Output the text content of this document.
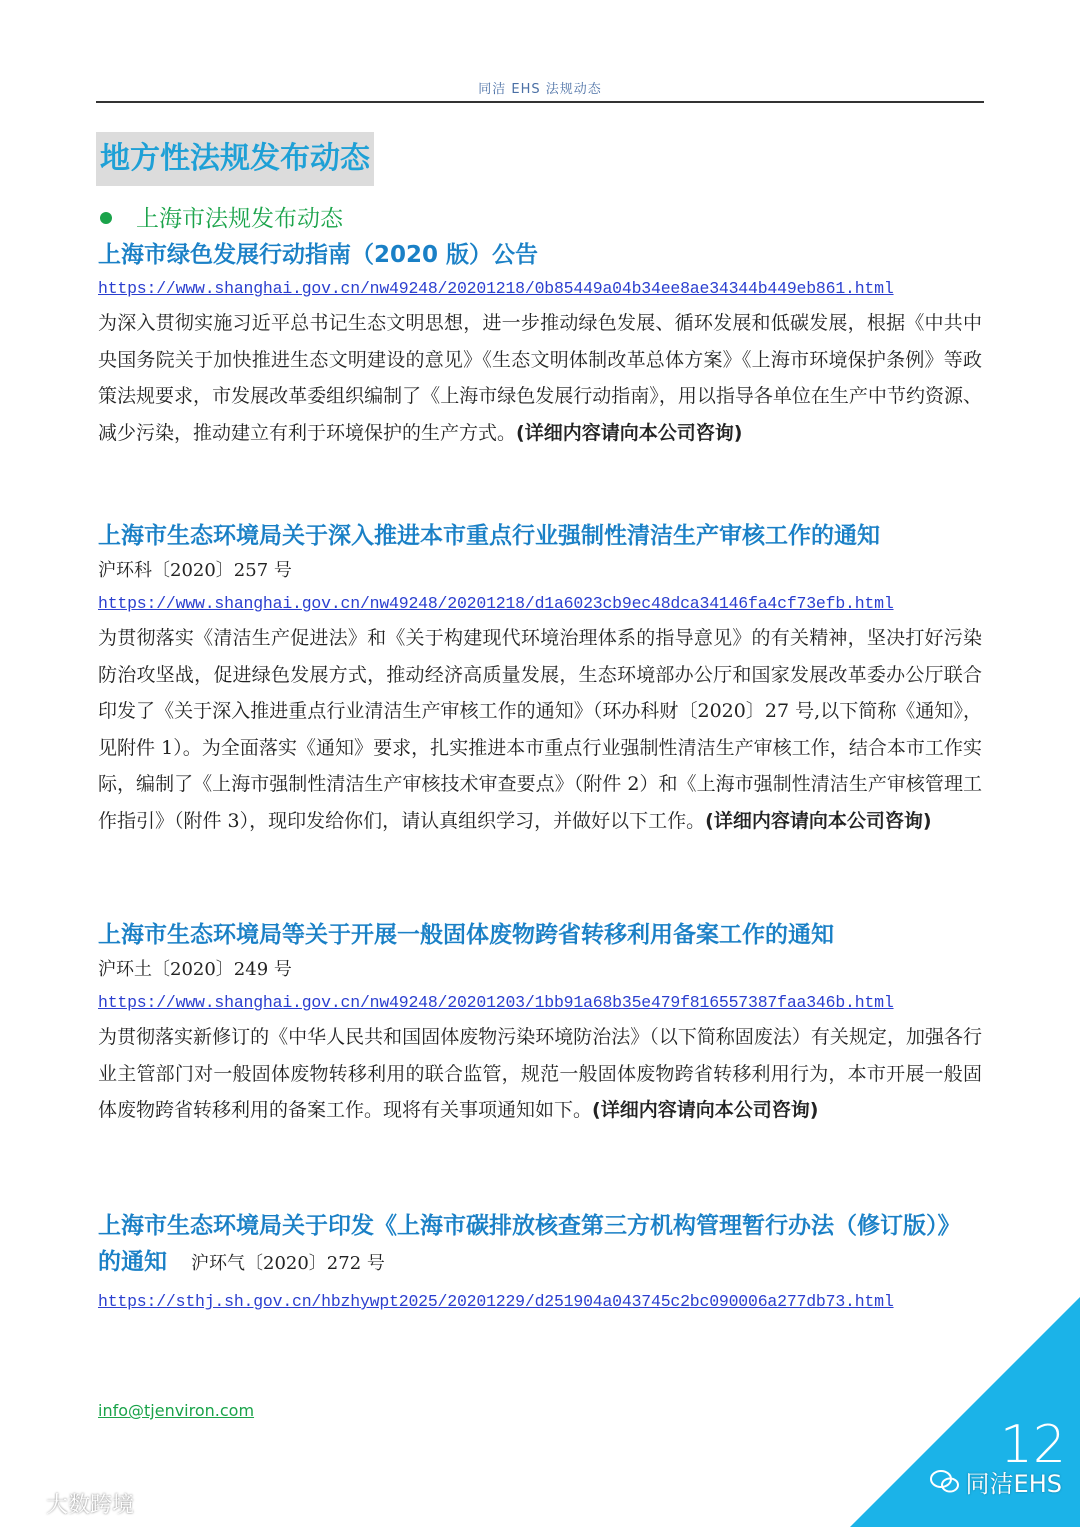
同洁 EHS 法规动态
地方性法规发布动态
上海市法规发布动态
上海市绿色发展行动指南（2020 版）公告
https://www.shanghai.gov.cn/nw49248/20201218/0b85449a04b34ee8ae34344b449eb861.html

为深入贯彻实施习近平总书记生态文明思想，进一步推动绿色发展、循环发展和低碳发展，根据《中共中央国务院关于加快推进生态文明建设的意见》《生态文明体制改革总体方案》《上海市环境保护条例》等政策法规要求，市发展改革委组织编制了《上海市绿色发展行动指南》，用以指导各单位在生产中节约资源、减少污染，推动建立有利于环境保护的生产方式。(详细内容请向本公司咨询)

上海市生态环境局关于深入推进本市重点行业强制性清洁生产审核工作的通知
沪环科〔2020〕257 号
https://www.shanghai.gov.cn/nw49248/20201218/d1a6023cb9ec48dca34146fa4cf73efb.html

为贯彻落实《清洁生产促进法》和《关于构建现代环境治理体系的指导意见》的有关精神，坚决打好污染防治攻坚战，促进绿色发展方式，推动经济高质量发展，生态环境部办公厅和国家发展改革委办公厅联合印发了《关于深入推进重点行业清洁生产审核工作的通知》（环办科财〔2020〕27 号,以下简称《通知》，见附件 1）。为全面落实《通知》要求，扎实推进本市重点行业强制性清洁生产审核工作，结合本市工作实际，编制了《上海市强制性清洁生产审核技术审查要点》（附件 2）和《上海市强制性清洁生产审核管理工作指引》（附件 3），现印发给你们，请认真组织学习，并做好以下工作。(详细内容请向本公司咨询)

上海市生态环境局等关于开展一般固体废物跨省转移利用备案工作的通知
沪环土〔2020〕249 号
https://www.shanghai.gov.cn/nw49248/20201203/1bb91a68b35e479f816557387faa346b.html

为贯彻落实新修订的《中华人民共和国固体废物污染环境防治法》（以下简称固废法）有关规定，加强各行业主管部门对一般固体废物转移利用的联合监管，规范一般固体废物跨省转移利用行为，本市开展一般固体废物跨省转移利用的备案工作。现将有关事项通知如下。(详细内容请向本公司咨询)

上海市生态环境局关于印发《上海市碳排放核查第三方机构管理暂行办法（修订版）》的通知 沪环气〔2020〕272 号
https://sthj.sh.gov.cn/hbzhywpt2025/20201229/d251904a043745c2bc090006a277db73.html
info@tjenviron.com
12
同洁EHS
大数跨境
